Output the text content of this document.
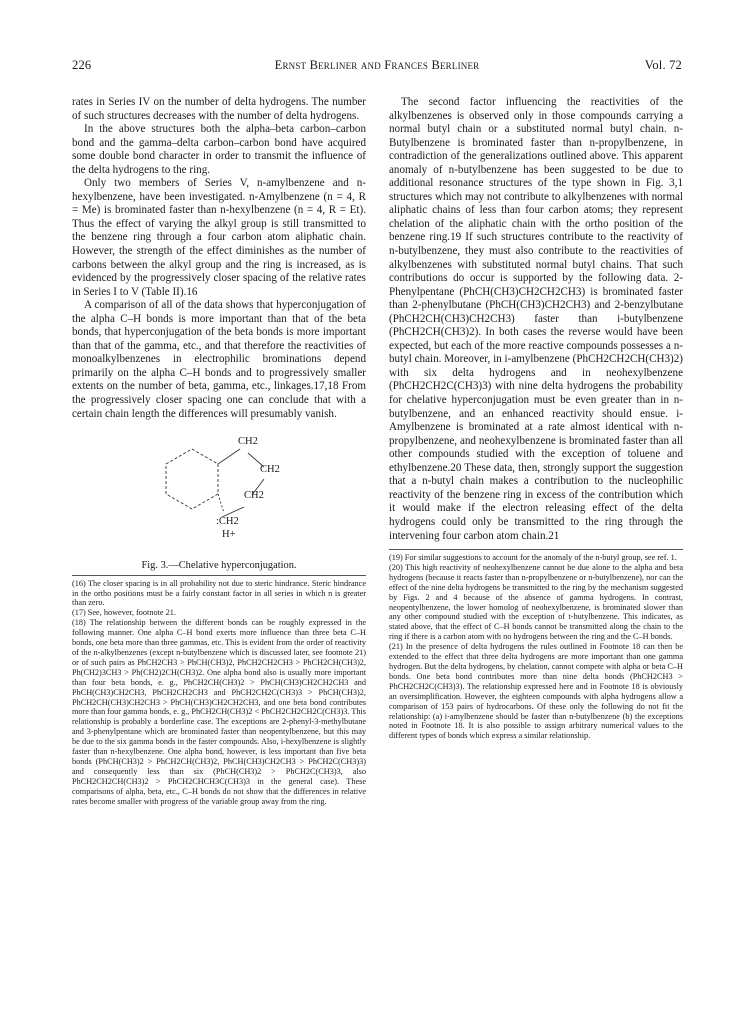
226	Ernst Berliner and Frances Berliner	Vol. 72

rates in Series IV on the number of delta hydrogens. The number of such structures decreases with the number of delta hydrogens.

In the above structures both the alpha–beta carbon–carbon bond and the gamma–delta carbon–carbon bond have acquired some double bond character in order to transmit the influence of the delta hydrogens to the ring.

Only two members of Series V, n-amylbenzene and n-hexylbenzene, have been investigated. n-Amylbenzene (n = 4, R = Me) is brominated faster than n-hexylbenzene (n = 4, R = Et). Thus the effect of varying the alkyl group is still transmitted to the benzene ring through a four carbon atom aliphatic chain. However, the strength of the effect diminishes as the number of carbons between the alkyl group and the ring is increased, as is evidenced by the progressively closer spacing of the relative rates in Series I to V (Table II).16

A comparison of all of the data shows that hyperconjugation of the alpha C–H bonds is more important than that of the beta bonds, that hyperconjugation of the beta bonds is more important than that of the gamma, etc., and that therefore the reactivities of monoalkylbenzenes in electrophilic brominations depend primarily on the alpha C–H bonds and to progressively smaller extents on the number of beta, gamma, etc., linkages.17,18 From the progressively closer spacing one can conclude that with a certain chain length the differences will presumably vanish.

CH2
CH2
CH2
:CH2
H+

Fig. 3.—Chelative hyperconjugation.

(16) The closer spacing is in all probability not due to steric hindrance. Steric hindrance in the ortho positions must be a fairly constant factor in all series in which n is greater than zero.

(17) See, however, footnote 21.

(18) The relationship between the different bonds can be roughly expressed in the following manner. One alpha C–H bond exerts more influence than three beta C–H bonds, one beta more than three gammas, etc. This is evident from the order of reactivity of the n-alkylbenzenes (except n-butylbenzene which is discussed later, see footnote 21) or of such pairs as PhCH2CH3 > PhCH(CH3)2, PhCH2CH2CH3 > PhCH2CH(CH3)2, Ph(CH2)3CH3 > Ph(CH2)2CH(CH3)2. One alpha bond also is usually more important than four beta bonds, e. g., PhCH2CH(CH3)2 > PhCH(CH3)CH2CH2CH3 and PhCH(CH3)CH2CH3, PhCH2CH2CH3 and PhCH2CH2C(CH3)3 > PhCH(CH3)2, PhCH2CH(CH3)CH2CH3 > PhCH(CH3)CH2CH2CH3, and one beta bond contributes more than four gamma bonds, e. g., PhCH2CH(CH3)2 < PhCH2CH2CH2C(CH3)3. This relationship is probably a borderline case. The exceptions are 2-phenyl-3-methylbutane and 3-phenylpentane which are brominated faster than neopentylbenzene, but this may be due to the six gamma bonds in the faster compounds. Also, i-hexylbenzene is slightly faster than n-hexylbenzene. One alpha bond, however, is less important than five beta bonds (PhCH(CH3)2 > PhCH2CH(CH3)2, PhCH(CH3)CH2CH3 > PhCH2C(CH3)3) and consequently less than six (PhCH(CH3)2 > PhCH2C(CH3)3, also PhCH2CH2CH(CH3)2 > PhCH2CHCH3C(CH3)3 in the general case). These comparisons of alpha, beta, etc., C–H bonds do not show that the differences in relative rates become smaller with progress of the variable group away from the ring.

The second factor influencing the reactivities of the alkylbenzenes is observed only in those compounds carrying a normal butyl chain or a substituted normal butyl chain. n-Butylbenzene is brominated faster than n-propylbenzene, in contradiction of the generalizations outlined above. This apparent anomaly of n-butylbenzene has been suggested to be due to additional resonance structures of the type shown in Fig. 3,1 structures which may not contribute to alkylbenzenes with normal aliphatic chains of less than four carbon atoms; they represent chelation of the aliphatic chain with the ortho position of the benzene ring.19 If such structures contribute to the reactivity of n-butylbenzene, they must also contribute to the reactivities of alkylbenzenes with substituted normal butyl chains. That such contributions do occur is supported by the following data. 2-Phenylpentane (PhCH(CH3)CH2CH2CH3) is brominated faster than 2-phenylbutane (PhCH(CH3)CH2CH3) and 2-benzylbutane (PhCH2CH(CH3)CH2CH3) faster than i-butylbenzene (PhCH2CH(CH3)2). In both cases the reverse would have been expected, but each of the more reactive compounds possesses a n-butyl chain. Moreover, in i-amylbenzene (PhCH2CH2CH(CH3)2) with six delta hydrogens and in neohexylbenzene (PhCH2CH2C(CH3)3) with nine delta hydrogens the probability for chelative hyperconjugation must be even greater than in n-butylbenzene, and an enhanced reactivity should ensue. i-Amylbenzene is brominated at a rate almost identical with n-propylbenzene, and neohexylbenzene is brominated faster than all other compounds studied with the exception of toluene and ethylbenzene.20 These data, then, strongly support the suggestion that a n-butyl chain makes a contribution to the nucleophilic reactivity of the benzene ring in excess of the contribution which it would make if the electron releasing effect of the delta hydrogens could only be transmitted to the ring through the intervening four carbon atom chain.21

(19) For similar suggestions to account for the anomaly of the n-butyl group, see ref. 1.

(20) This high reactivity of neohexylbenzene cannot be due alone to the alpha and beta hydrogens (because it reacts faster than n-propylbenzene or n-butylbenzene), nor can the effect of the nine delta hydrogens be transmitted to the ring by the mechanism suggested by Figs. 2 and 4 because of the absence of gamma hydrogens. In contrast, neopentylbenzene, the lower homolog of neohexylbenzene, is brominated slower than any other compound studied with the exception of t-butylbenzene. This indicates, as stated above, that the effect of C–H bonds cannot be transmitted along the chain to the ring if there is a carbon atom with no hydrogens between the ring and the C–H bonds.

(21) In the presence of delta hydrogens the rules outlined in Footnote 18 can then be extended to the effect that three delta hydrogens are more important than one gamma hydrogen. But the delta hydrogens, by chelation, cannot compete with alpha or beta C–H bonds. One beta bond contributes more than nine delta bonds (PhCH2CH3 > PhCH2CH2C(CH3)3). The relationship expressed here and in Footnote 18 is obviously an oversimplification. However, the eighteen compounds with alpha hydrogens allow a comparison of 153 pairs of hydrocarbons. Of these only the following do not fit the relationship: (a) i-amylbenzene should be faster than n-butylbenzene (b) the exceptions noted in Footnote 18. It is also possible to assign arbitrary numerical values to the different types of bonds which express a similar relationship.
